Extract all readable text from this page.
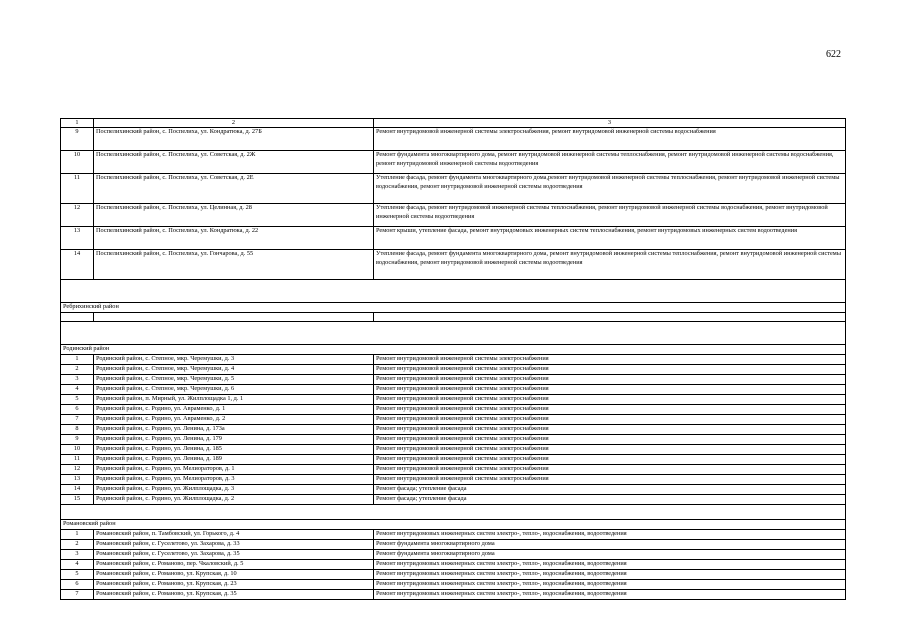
622
1	2	3
9	Поспелихинский район, с. Поспелиха, ул. Кондратюка, д. 27Б	Ремонт внутридомовой инженерной системы электроснабжения, ремонт внутридомовой инженерной системы водоснабжения
10	Поспелихинский район, с. Поспелиха, ул. Советская, д. 2Ж	Ремонт фундамента многоквартирного дома, ремонт внутридомовой инженерной системы теплоснабжения, ремонт внутридомовой инженерной системы водоснабжения, ремонт внутридомовой инженерной системы водоотведения
11	Поспелихинский район, с. Поспелиха, ул. Советская, д. 2Е	Утепление фасада, ремонт фундамента многоквартирного дома,ремонт внутридомовой инженерной системы теплоснабжения, ремонт внутридомовой инженерной системы водоснабжения, ремонт внутридомовой инженерной системы водоотведения
12	Поспелихинский район, с. Поспелиха, ул. Целинная, д. 28	Утепление фасада, ремонт внутридомовой инженерной системы теплоснабжения, ремонт внутридомовой инженерной системы водоснабжения, ремонт внутридомовой инженерной системы водоотведения
13	Поспелихинский район, с. Поспелиха, ул. Кондратюка, д. 22	Ремонт крыши, утепление фасада, ремонт внутридомовых инженерных систем теплоснабжения, ремонт внутридомовых инженерных систем водоотведения
14	Поспелихинский район, с. Поспелиха, ул. Гончарова, д. 55	Утепление фасада, ремонт фундамента многоквартирного дома, ремонт внутридомовой инженерной системы теплоснабжения, ремонт внутридомовой инженерной системы водоснабжения, ремонт внутридомовой инженерной системы водоотведения

Ребрихинский район		

Родинский район		
1	Родинский район, с. Степное, мкр. Черемушки, д. 3	Ремонт внутридомовой инженерной системы электроснабжения
2	Родинский район, с. Степное, мкр. Черемушки, д. 4	Ремонт внутридомовой инженерной системы электроснабжения
3	Родинский район, с. Степное, мкр. Черемушки, д. 5	Ремонт внутридомовой инженерной системы электроснабжения
4	Родинский район, с. Степное, мкр. Черемушки, д. 6	Ремонт внутридомовой инженерной системы электроснабжения
5	Родинский район, п. Мирный, ул. Жилплощадка 1, д. 1	Ремонт внутридомовой инженерной системы электроснабжения
6	Родинский район, с. Родино, ул. Авраменко, д. 1	Ремонт внутридомовой инженерной системы электроснабжения
7	Родинский район, с. Родино, ул. Авраменко, д. 2	Ремонт внутридомовой инженерной системы электроснабжения
8	Родинский район, с. Родино, ул. Ленина, д. 173а	Ремонт внутридомовой инженерной системы электроснабжения
9	Родинский район, с. Родино, ул. Ленина, д. 179	Ремонт внутридомовой инженерной системы электроснабжения
10	Родинский район, с. Родино, ул. Ленина, д. 185	Ремонт внутридомовой инженерной системы электроснабжения
11	Родинский район, с. Родино, ул. Ленина, д. 189	Ремонт внутридомовой инженерной системы электроснабжения
12	Родинский район, с. Родино, ул. Мелиораторов, д. 1	Ремонт внутридомовой инженерной системы электроснабжения
13	Родинский район, с. Родино, ул. Мелиораторов, д. 3	Ремонт внутридомовой инженерной системы электроснабжения
14	Родинский район, с. Родино, ул. Жилплощадка, д. 3	Ремонт фасада; утепление фасада
15	Родинский район, с. Родино, ул. Жилплощадка, д. 2	Ремонт фасада; утепление фасада

Романовский район		
1	Романовский район, п. Тамбовский, ул. Горького, д. 4	Ремонт внутридомовых инженерных систем электро-, тепло-, водоснабжения, водоотведения
2	Романовский район, с. Гуселетово, ул. Захарова, д. 33	Ремонт фундамента многоквартирного дома
3	Романовский район, с. Гуселетово, ул. Захарова, д. 35	Ремонт фундамента многоквартирного дома
4	Романовский район, с. Романово, пер. Чкаловский, д. 5	Ремонт внутридомовых инженерных систем электро-, тепло-, водоснабжения, водоотведения
5	Романовский район, с. Романово, ул. Крупская, д. 10	Ремонт внутридомовых инженерных систем электро-, тепло-, водоснабжения, водоотведения
6	Романовский район, с. Романово, ул. Крупская, д. 23	Ремонт внутридомовых инженерных систем электро-, тепло-, водоснабжения, водоотведения
7	Романовский район, с. Романово, ул. Крупская, д. 35	Ремонт внутридомовых инженерных систем электро-, тепло-, водоснабжения, водоотведения
